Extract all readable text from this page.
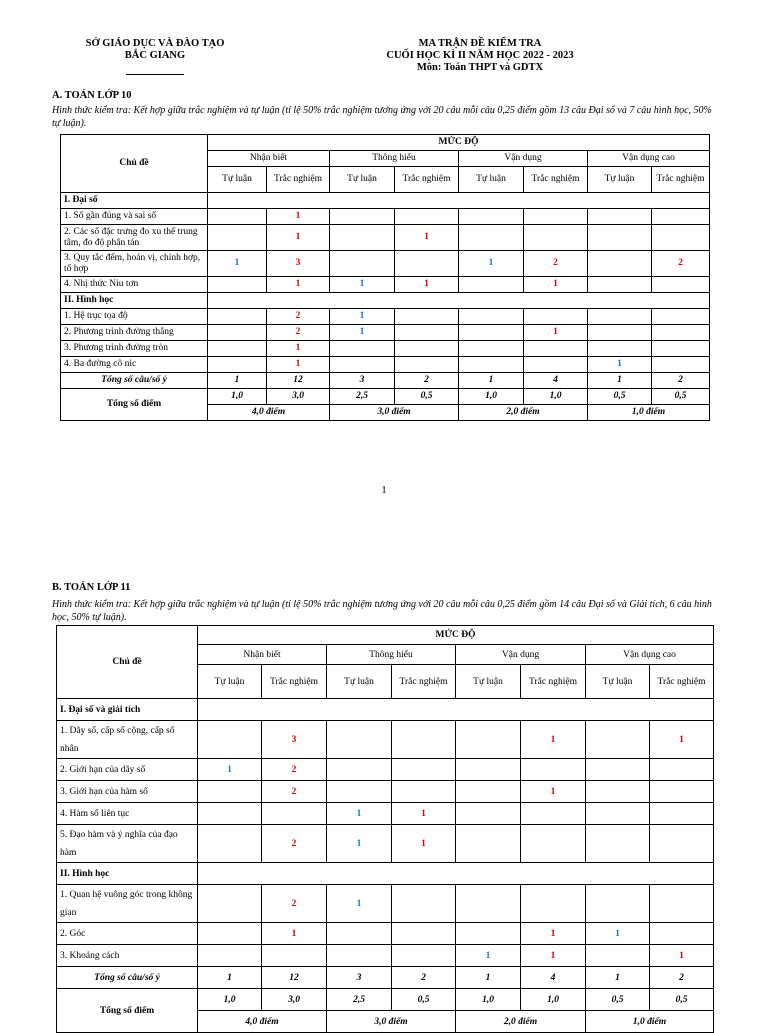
SỞ GIÁO DỤC VÀ ĐÀO TẠO
BẮC GIANG
MA TRẬN ĐỀ KIỂM TRA
CUỐI HỌC KÌ II NĂM HỌC 2022 - 2023
Môn: Toán THPT và GDTX
A. TOÁN LỚP 10
Hình thức kiểm tra: Kết hợp giữa trắc nghiệm và tự luận (tỉ lệ 50% trắc nghiệm tương ứng với 20 câu mỗi câu 0,25 điểm gồm 13 câu Đại số và 7 câu hình học, 50% tự luận).
Chủ đề	MỨC ĐỘ							
	Nhận biết		Thông hiểu		Vận dụng		Vận dụng cao	
	Tự luận	Trắc nghiệm	Tự luận	Trắc nghiệm	Tự luận	Trắc nghiệm	Tự luận	Trắc nghiệm
I. Đại số								
1. Số gần đúng và sai số		1						
2. Các số đặc trưng đo xu thế trung tâm, đo độ phân tán		1		1				
3. Quy tắc đếm, hoán vị, chỉnh hợp, tổ hợp	1	3			1	2		2
4. Nhị thức Niu tơn		1	1	1		1		
II. Hình học								
1. Hệ trục tọa độ		2	1					
2. Phương trình đường thẳng		2	1			1		
3. Phương trình đường tròn		1						
4. Ba đường cô nic		1					1	
Tổng số câu/số ý	1	12	3	2	1	4	1	2
Tổng số điểm	1,0	3,0	2,5	0,5	1,0	1,0	0,5	0,5
	4,0 điểm		3,0 điểm		2,0 điểm		1,0 điểm	
1
B. TOÁN LỚP 11
Hình thức kiểm tra: Kết hợp giữa trắc nghiệm và tự luận (tỉ lệ 50% trắc nghiệm tương ứng với 20 câu mỗi câu 0,25 điểm gồm 14 câu Đại số và Giải tích, 6 câu hình học, 50% tự luận).
Chủ đề	MỨC ĐỘ							
	Nhận biết		Thông hiểu		Vận dụng		Vận dụng cao	
	Tự luận	Trắc nghiệm	Tự luận	Trắc nghiệm	Tự luận	Trắc nghiệm	Tự luận	Trắc nghiệm
I. Đại số và giải tích								
1. Dãy số, cấp số cộng, cấp số nhân		3				1		1
2. Giới hạn của dãy số	1	2						
3. Giới hạn của hàm số		2				1		
4. Hàm số liên tục			1	1				
5. Đạo hàm và ý nghĩa của đạo hàm		2	1	1				
II. Hình học								
1. Quan hệ vuông góc trong không gian		2	1					
2. Góc		1				1	1	
3. Khoảng cách					1	1		1
Tổng số câu/số ý	1	12	3	2	1	4	1	2
Tổng số điểm	1,0	3,0	2,5	0,5	1,0	1,0	0,5	0,5
	4,0 điểm		3,0 điểm		2,0 điểm		1,0 điểm	
